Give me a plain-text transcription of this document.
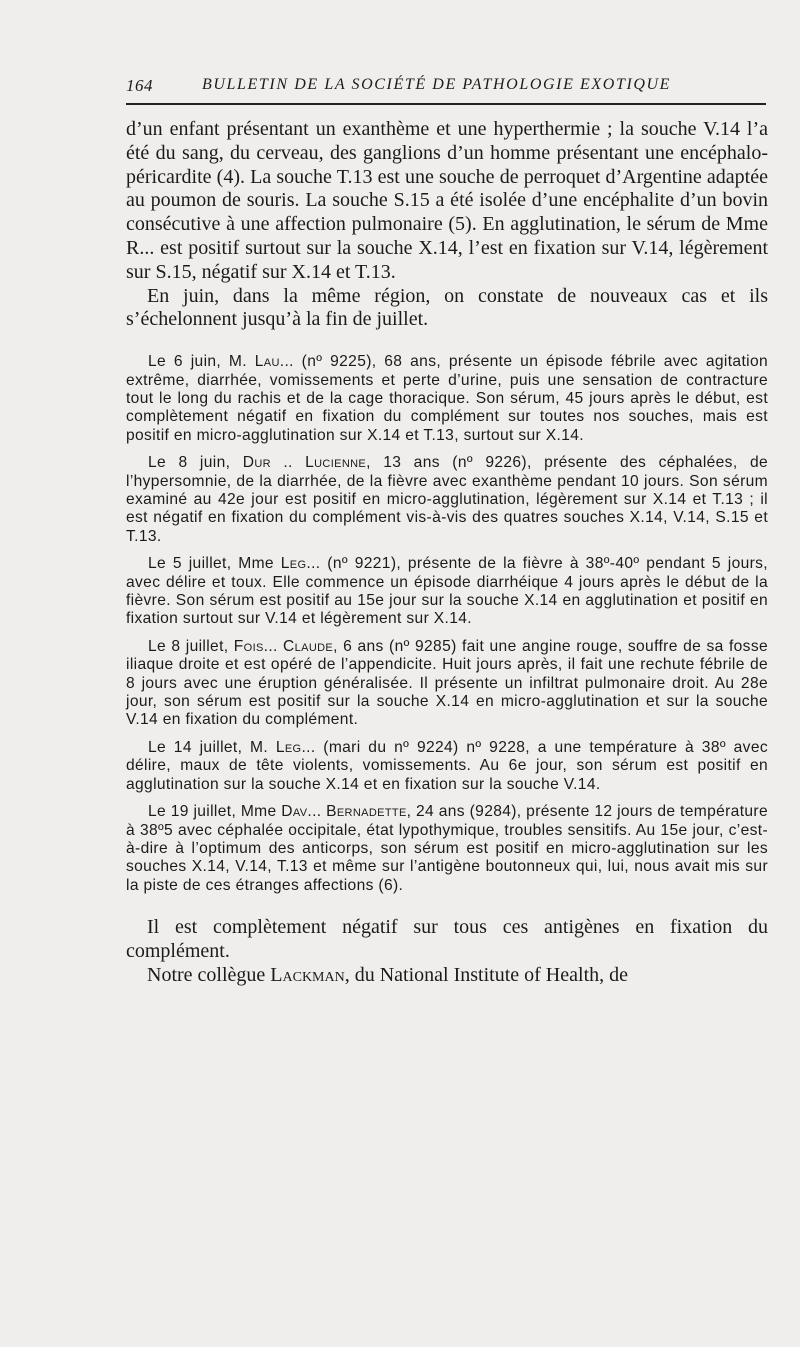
164	BULLETIN DE LA SOCIÉTÉ DE PATHOLOGIE EXOTIQUE

d’un enfant présentant un exanthème et une hyperthermie ; la souche V.14 l’a été du sang, du cerveau, des ganglions d’un homme présentant une encéphalo-péricardite (4). La souche T.13 est une souche de perroquet d’Argentine adaptée au poumon de souris. La souche S.15 a été isolée d’une encéphalite d’un bovin consécutive à une affection pulmonaire (5). En agglutination, le sérum de Mme R... est positif surtout sur la souche X.14, l’est en fixation sur V.14, légèrement sur S.15, négatif sur X.14 et T.13.

En juin, dans la même région, on constate de nouveaux cas et ils s’échelonnent jusqu’à la fin de juillet.

Le 6 juin, M. Lau... (nº 9225), 68 ans, présente un épisode fébrile avec agitation extrême, diarrhée, vomissements et perte d’urine, puis une sensation de contracture tout le long du rachis et de la cage thoracique. Son sérum, 45 jours après le début, est complètement négatif en fixation du complément sur toutes nos souches, mais est positif en micro-agglutination sur X.14 et T.13, surtout sur X.14.

Le 8 juin, Dur .. Lucienne, 13 ans (nº 9226), présente des céphalées, de l’hypersomnie, de la diarrhée, de la fièvre avec exanthème pendant 10 jours. Son sérum examiné au 42e jour est positif en micro-agglutination, légèrement sur X.14 et T.13 ; il est négatif en fixation du complément vis-à-vis des quatres souches X.14, V.14, S.15 et T.13.

Le 5 juillet, Mme Leg... (nº 9221), présente de la fièvre à 38º-40º pendant 5 jours, avec délire et toux. Elle commence un épisode diarrhéique 4 jours après le début de la fièvre. Son sérum est positif au 15e jour sur la souche X.14 en agglutination et positif en fixation surtout sur V.14 et légèrement sur X.14.

Le 8 juillet, Fois... Claude, 6 ans (nº 9285) fait une angine rouge, souffre de sa fosse iliaque droite et est opéré de l’appendicite. Huit jours après, il fait une rechute fébrile de 8 jours avec une éruption généralisée. Il présente un infiltrat pulmonaire droit. Au 28e jour, son sérum est positif sur la souche X.14 en micro-agglutination et sur la souche V.14 en fixation du complément.

Le 14 juillet, M. Leg... (mari du nº 9224) nº 9228, a une température à 38º avec délire, maux de tête violents, vomissements. Au 6e jour, son sérum est positif en agglutination sur la souche X.14 et en fixation sur la souche V.14.

Le 19 juillet, Mme Dav... Bernadette, 24 ans (9284), présente 12 jours de température à 38º5 avec céphalée occipitale, état lypothymique, troubles sensitifs. Au 15e jour, c’est-à-dire à l’optimum des anticorps, son sérum est positif en micro-agglutination sur les souches X.14, V.14, T.13 et même sur l’antigène boutonneux qui, lui, nous avait mis sur la piste de ces étranges affections (6).

Il est complètement négatif sur tous ces antigènes en fixation du complément.

Notre collègue Lackman, du National Institute of Health, de
